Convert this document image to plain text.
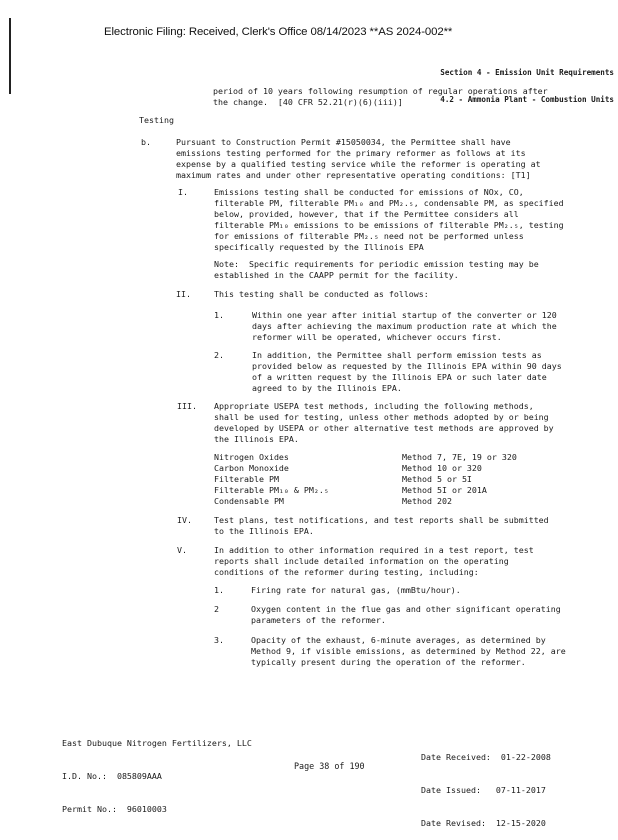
Electronic Filing: Received, Clerk's Office 08/14/2023 **AS 2024-002**

Section 4 - Emission Unit Requirements

4.2 - Ammonia Plant - Combustion Units

period of 10 years following resumption of regular operations after
the change.  [40 CFR 52.21(r)(6)(iii)]
Testing
b.	Pursuant to Construction Permit #15050034, the Permittee shall have
emissions testing performed for the primary reformer as follows at its
expense by a qualified testing service while the reformer is operating at
maximum rates and under other representative operating conditions: [T1]
I.	Emissions testing shall be conducted for emissions of NOx, CO,
filterable PM, filterable PM₁₀ and PM₂.₅, condensable PM, as specified
below, provided, however, that if the Permittee considers all
filterable PM₁₀ emissions to be emissions of filterable PM₂.₅, testing
for emissions of filterable PM₂.₅ need not be performed unless
specifically requested by the Illinois EPA
Note:  Specific requirements for periodic emission testing may be
established in the CAAPP permit for the facility.
II.	This testing shall be conducted as follows:
1.	Within one year after initial startup of the converter or 120
days after achieving the maximum production rate at which the
reformer will be operated, whichever occurs first.
2.	In addition, the Permittee shall perform emission tests as
provided below as requested by the Illinois EPA within 90 days
of a written request by the Illinois EPA or such later date
agreed to by the Illinois EPA.
III. Appropriate USEPA test methods, including the following methods,
shall be used for testing, unless other methods adopted by or being
developed by USEPA or other alternative test methods are approved by
the Illinois EPA.
Nitrogen Oxides	Method 7, 7E, 19 or 320
Carbon Monoxide	Method 10 or 320
Filterable PM	Method 5 or 5I
Filterable PM₁₀ & PM₂.₅	Method 5I or 201A
Condensable PM	Method 202
IV.	Test plans, test notifications, and test reports shall be submitted
to the Illinois EPA.
V.	In addition to other information required in a test report, test
reports shall include detailed information on the operating
conditions of the reformer during testing, including:
1.	Firing rate for natural gas, (mmBtu/hour).
2	Oxygen content in the flue gas and other significant operating
parameters of the reformer.
3.	Opacity of the exhaust, 6-minute averages, as determined by
Method 9, if visible emissions, as determined by Method 22, are
typically present during the operation of the reformer.

East Dubuque Nitrogen Fertilizers, LLC

I.D. No.:  085809AAA

Permit No.:  96010003

Date Received:  01-22-2008

Date Issued:   07-11-2017

Date Revised:  12-15-2020

Page 38 of 190
